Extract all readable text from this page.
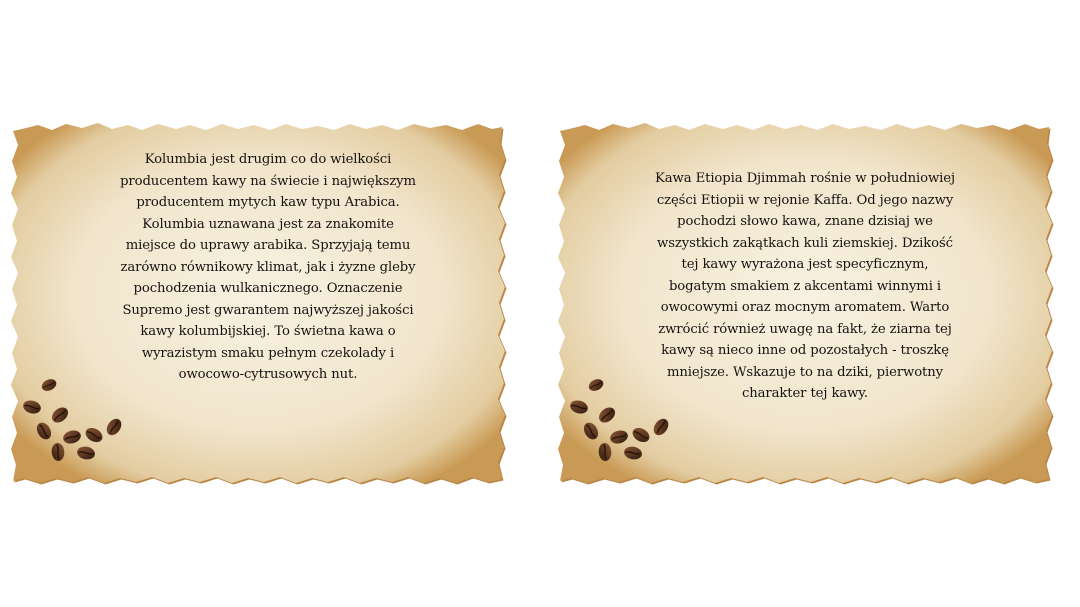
Kolumbia jest drugim co do wielkości producentem kawy na świecie i największym producentem mytych kaw typu Arabica. Kolumbia uznawana jest za znakomite miejsce do uprawy arabika. Sprzyjają temu zarówno równikowy klimat, jak i żyzne gleby pochodzenia wulkanicznego. Oznaczenie Supremo jest gwarantem najwyższej jakości kawy kolumbijskiej. To świetna kawa o wyrazistym smaku pełnym czekolady i owocowo-cytrusowych nut.

Kawa Etiopia Djimmah rośnie w południowiej części Etiopii w rejonie Kaffa. Od jego nazwy pochodzi słowo kawa, znane dzisiaj we wszystkich zakątkach kuli ziemskiej. Dzikość tej kawy wyrażona jest specyficznym, bogatym smakiem z akcentami winnymi i owocowymi oraz mocnym aromatem. Warto zwrócić również uwagę na fakt, że ziarna tej kawy są nieco inne od pozostałych - troszkę mniejsze. Wskazuje to na dziki, pierwotny charakter tej kawy.
